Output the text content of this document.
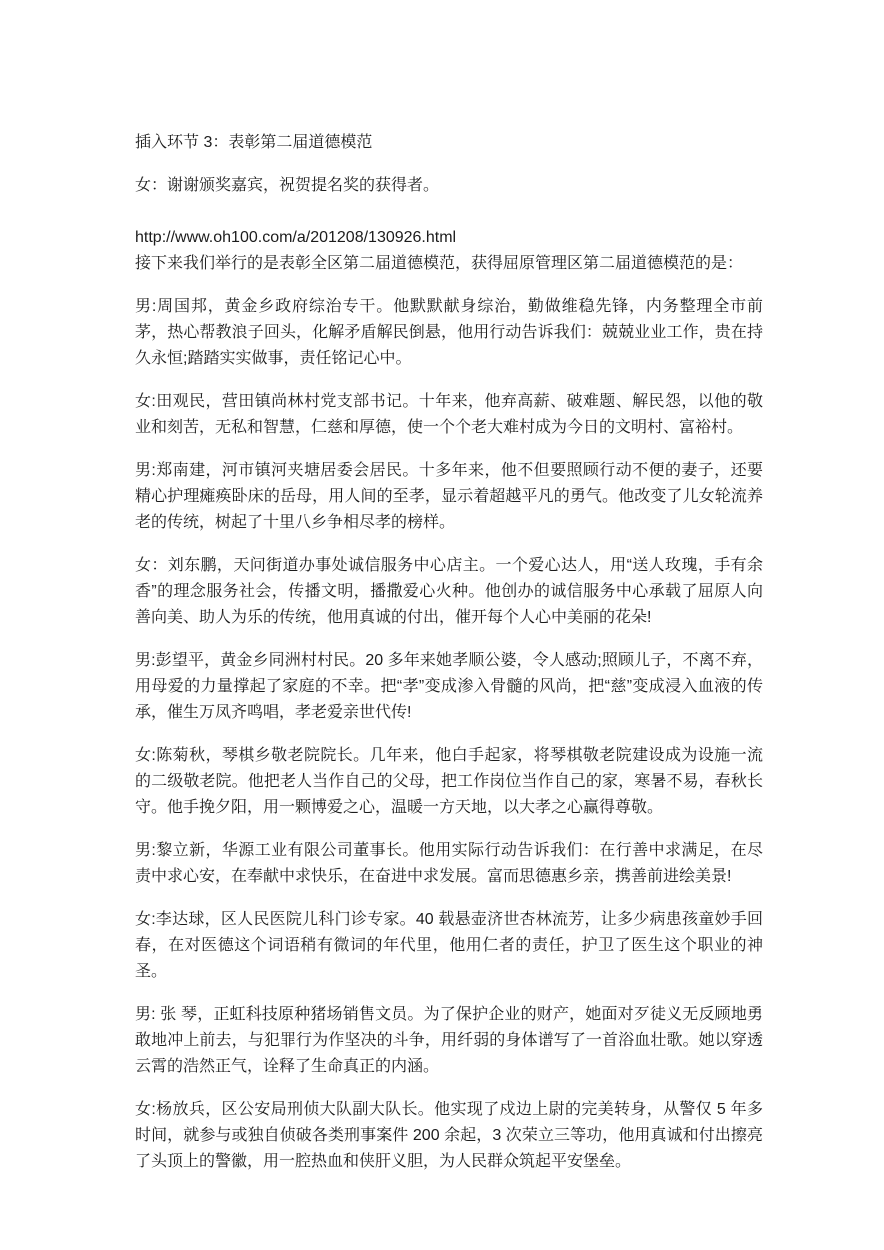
插入环节 3：表彰第二届道德模范

女：谢谢颁奖嘉宾，祝贺提名奖的获得者。

http://www.oh100.com/a/201208/130926.html

接下来我们举行的是表彰全区第二届道德模范，获得屈原管理区第二届道德模范的是：

男:周国邦，黄金乡政府综治专干。他默默献身综治，勤做维稳先锋，内务整理全市前茅，热心帮教浪子回头，化解矛盾解民倒悬，他用行动告诉我们：兢兢业业工作，贵在持久永恒;踏踏实实做事，责任铭记心中。

女:田观民，营田镇尚林村党支部书记。十年来，他弃高薪、破难题、解民怨，以他的敬业和刻苦，无私和智慧，仁慈和厚德，使一个个老大难村成为今日的文明村、富裕村。

男:郑南建，河市镇河夹塘居委会居民。十多年来，他不但要照顾行动不便的妻子，还要精心护理瘫痪卧床的岳母，用人间的至孝，显示着超越平凡的勇气。他改变了儿女轮流养老的传统，树起了十里八乡争相尽孝的榜样。

女：刘东鹏，天问街道办事处诚信服务中心店主。一个爱心达人，用“送人玫瑰，手有余香”的理念服务社会，传播文明，播撒爱心火种。他创办的诚信服务中心承载了屈原人向善向美、助人为乐的传统，他用真诚的付出，催开每个人心中美丽的花朵!

男:彭望平，黄金乡同洲村村民。20 多年来她孝顺公婆，令人感动;照顾儿子，不离不弃，用母爱的力量撑起了家庭的不幸。把“孝”变成渗入骨髓的风尚，把“慈”变成浸入血液的传承，催生万凤齐鸣唱，孝老爱亲世代传!

女:陈菊秋，琴棋乡敬老院院长。几年来，他白手起家，将琴棋敬老院建设成为设施一流的二级敬老院。他把老人当作自己的父母，把工作岗位当作自己的家，寒暑不易，春秋长守。他手挽夕阳，用一颗博爱之心，温暖一方天地，以大孝之心赢得尊敬。

男:黎立新，华源工业有限公司董事长。他用实际行动告诉我们：在行善中求满足，在尽责中求心安，在奉献中求快乐，在奋进中求发展。富而思德惠乡亲，携善前进绘美景!

女:李达球，区人民医院儿科门诊专家。40 载悬壶济世杏林流芳，让多少病患孩童妙手回春，在对医德这个词语稍有微词的年代里，他用仁者的责任，护卫了医生这个职业的神圣。

男: 张 琴，正虹科技原种猪场销售文员。为了保护企业的财产，她面对歹徒义无反顾地勇敢地冲上前去，与犯罪行为作坚决的斗争，用纤弱的身体谱写了一首浴血壮歌。她以穿透云霄的浩然正气，诠释了生命真正的内涵。

女:杨放兵，区公安局刑侦大队副大队长。他实现了戍边上尉的完美转身，从警仅 5 年多时间，就参与或独自侦破各类刑事案件 200 余起，3 次荣立三等功，他用真诚和付出擦亮了头顶上的警徽，用一腔热血和侠肝义胆，为人民群众筑起平安堡垒。
